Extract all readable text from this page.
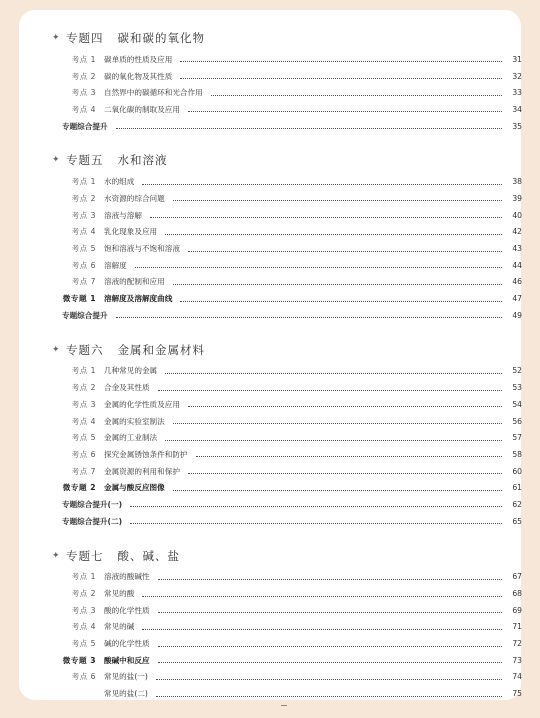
✦ 专题四 碳和碳的氧化物
考点 1	碳单质的性质及应用	31
考点 2	碳的氧化物及其性质	32
考点 3	自然界中的碳循环和光合作用	33
考点 4	二氧化碳的制取及应用	34
专题综合提升	35
✦ 专题五 水和溶液
考点 1	水的组成	38
考点 2	水资源的综合问题	39
考点 3	溶液与溶解	40
考点 4	乳化现象及应用	42
考点 5	饱和溶液与不饱和溶液	43
考点 6	溶解度	44
考点 7	溶液的配制和应用	46
微专题 1	溶解度及溶解度曲线	47
专题综合提升	49
✦ 专题六 金属和金属材料
考点 1	几种常见的金属	52
考点 2	合金及其性质	53
考点 3	金属的化学性质及应用	54
考点 4	金属的实验室制法	56
考点 5	金属的工业制法	57
考点 6	探究金属锈蚀条件和防护	58
考点 7	金属资源的利用和保护	60
微专题 2	金属与酸反应图像	61
专题综合提升(一)	62
专题综合提升(二)	65
✦ 专题七 酸、碱、盐
考点 1	溶液的酸碱性	67
考点 2	常见的酸	68
考点 3	酸的化学性质	69
考点 4	常见的碱	71
考点 5	碱的化学性质	72
微专题 3	酸碱中和反应	73
考点 6	常见的盐(一)	74
常见的盐(二)	75
